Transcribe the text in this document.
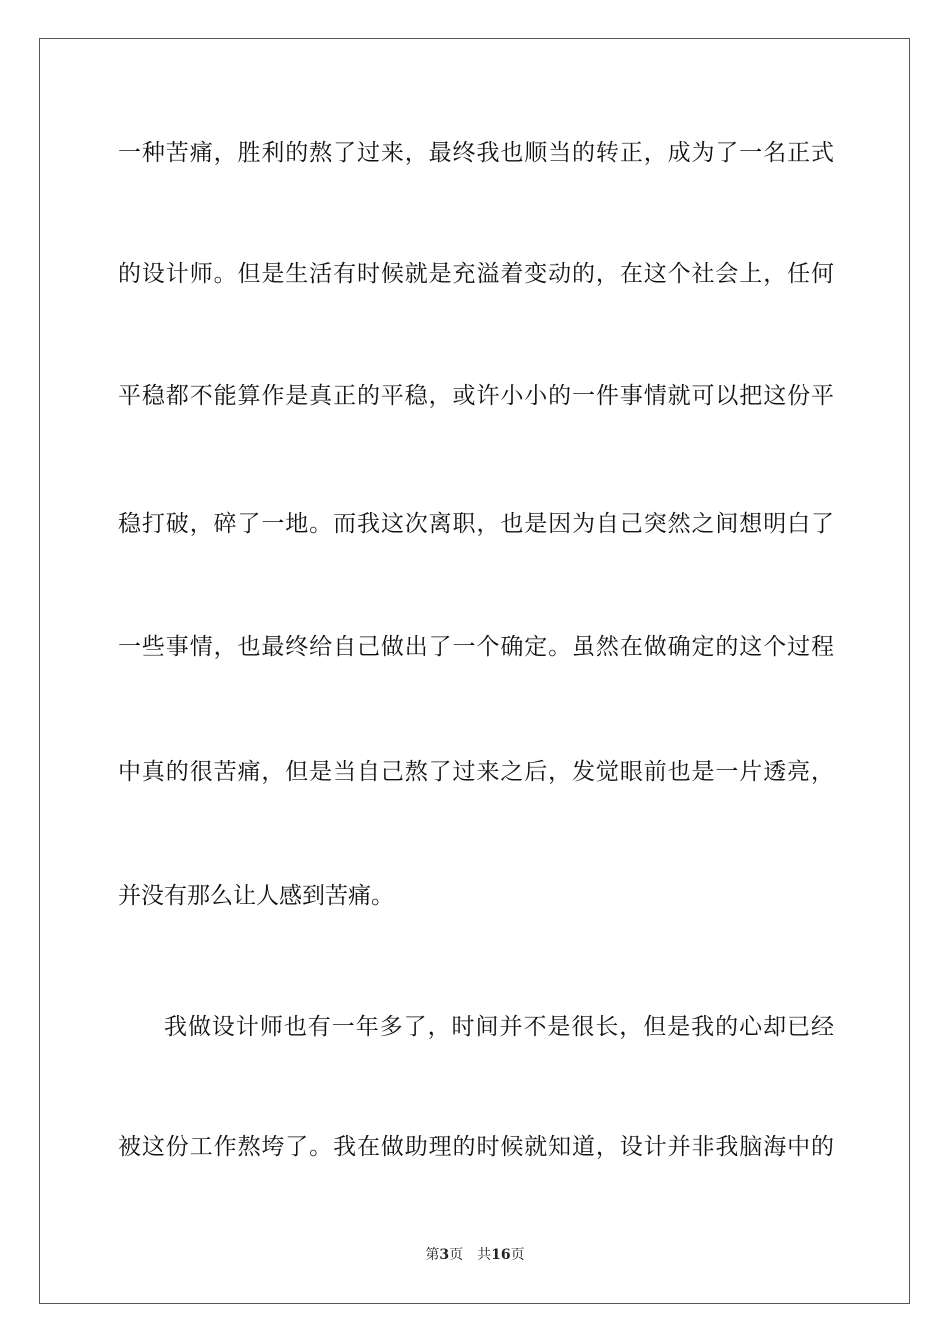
一种苦痛，胜利的熬了过来，最终我也顺当的转正，成为了一名正式
的设计师。但是生活有时候就是充溢着变动的，在这个社会上，任何
平稳都不能算作是真正的平稳，或许小小的一件事情就可以把这份平
稳打破，碎了一地。而我这次离职，也是因为自己突然之间想明白了
一些事情，也最终给自己做出了一个确定。虽然在做确定的这个过程
中真的很苦痛，但是当自己熬了过来之后，发觉眼前也是一片透亮，
并没有那么让人感到苦痛。
我做设计师也有一年多了，时间并不是很长，但是我的心却已经
被这份工作熬垮了。我在做助理的时候就知道，设计并非我脑海中的
第3页 共16页
